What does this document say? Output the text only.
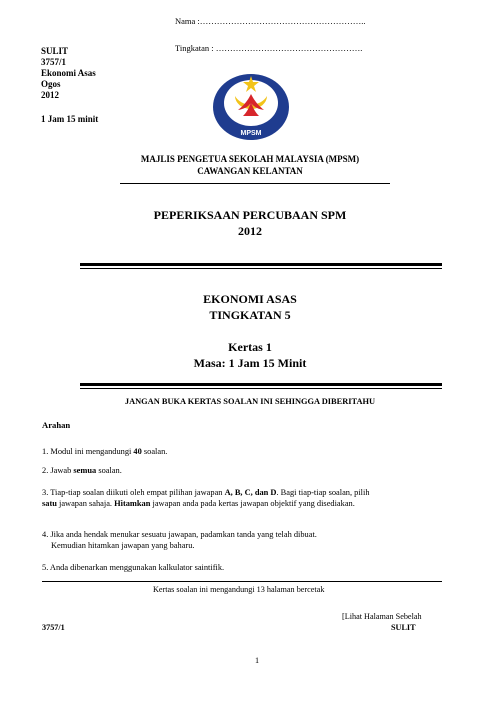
Nama :…………………………………………………..
Tingkatan : …………………………………………….
SULIT
3757/1
Ekonomi Asas
Ogos
2012
1 Jam 15 minit
MPSM
MAJLIS PENGETUA SEKOLAH MALAYSIA (MPSM)
CAWANGAN KELANTAN
PEPERIKSAAN PERCUBAAN SPM
2012
EKONOMI ASAS
TINGKATAN 5
Kertas 1
Masa: 1 Jam 15 Minit
JANGAN BUKA KERTAS SOALAN INI SEHINGGA DIBERITAHU
Arahan
1. Modul ini mengandungi 40 soalan.
2. Jawab semua soalan.
3. Tiap-tiap soalan diikuti oleh empat pilihan jawapan A, B, C, dan D. Bagi tiap-tiap soalan, pilih satu jawapan sahaja. Hitamkan jawapan anda pada kertas jawapan objektif yang disediakan.
4. Jika anda hendak menukar sesuatu jawapan, padamkan tanda yang telah dibuat.
Kemudian hitamkan jawapan yang baharu.
5. Anda dibenarkan menggunakan kalkulator saintifik.
Kertas soalan ini mengandungi 13 halaman bercetak
[Lihat Halaman Sebelah
3757/1	SULIT
1
